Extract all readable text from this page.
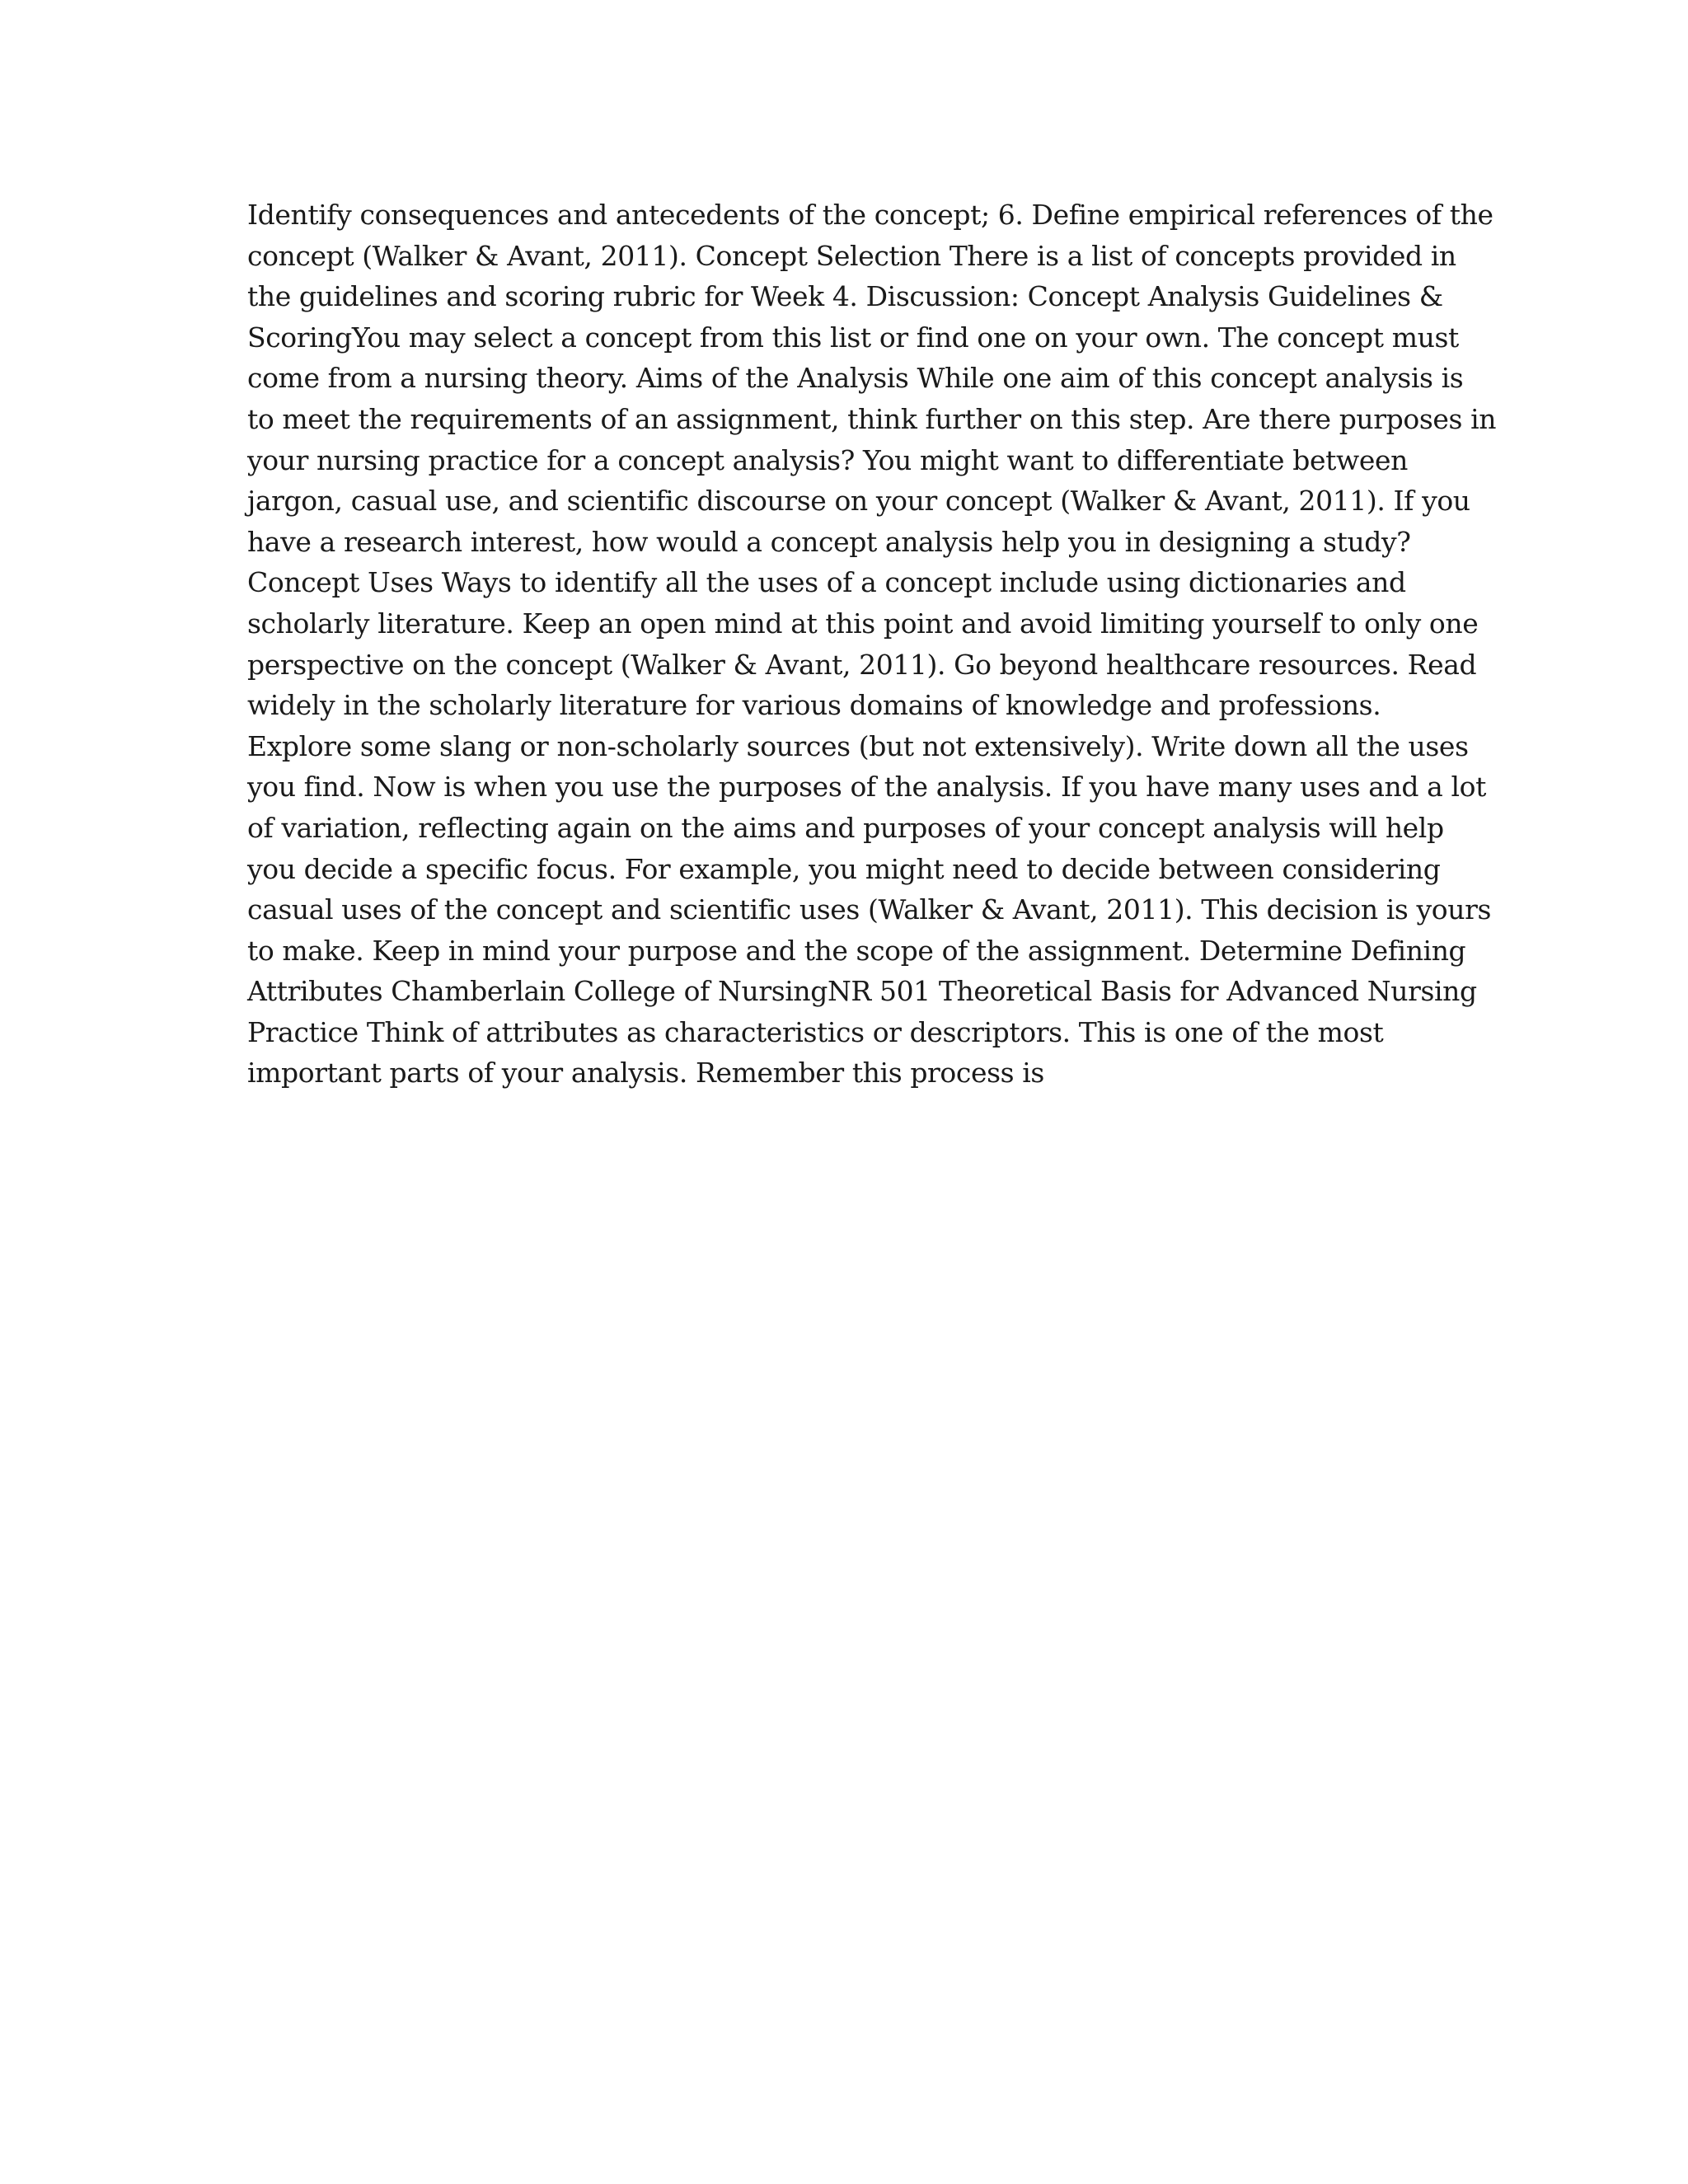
Identify consequences and antecedents of the concept; 6. Define empirical references of the
concept (Walker & Avant, 2011). Concept Selection There is a list of concepts provided in
the guidelines and scoring rubric for Week 4. Discussion: Concept Analysis Guidelines &
ScoringYou may select a concept from this list or find one on your own. The concept must
come from a nursing theory. Aims of the Analysis While one aim of this concept analysis is
to meet the requirements of an assignment, think further on this step. Are there purposes in
your nursing practice for a concept analysis? You might want to differentiate between
jargon, casual use, and scientific discourse on your concept (Walker & Avant, 2011). If you
have a research interest, how would a concept analysis help you in designing a study?
Concept Uses Ways to identify all the uses of a concept include using dictionaries and
scholarly literature. Keep an open mind at this point and avoid limiting yourself to only one
perspective on the concept (Walker & Avant, 2011). Go beyond healthcare resources. Read
widely in the scholarly literature for various domains of knowledge and professions.
Explore some slang or non-scholarly sources (but not extensively). Write down all the uses
you find. Now is when you use the purposes of the analysis. If you have many uses and a lot
of variation, reflecting again on the aims and purposes of your concept analysis will help
you decide a specific focus. For example, you might need to decide between considering
casual uses of the concept and scientific uses (Walker & Avant, 2011). This decision is yours
to make. Keep in mind your purpose and the scope of the assignment. Determine Defining
Attributes Chamberlain College of NursingNR 501 Theoretical Basis for Advanced Nursing
Practice Think of attributes as characteristics or descriptors. This is one of the most
important parts of your analysis. Remember this process is
